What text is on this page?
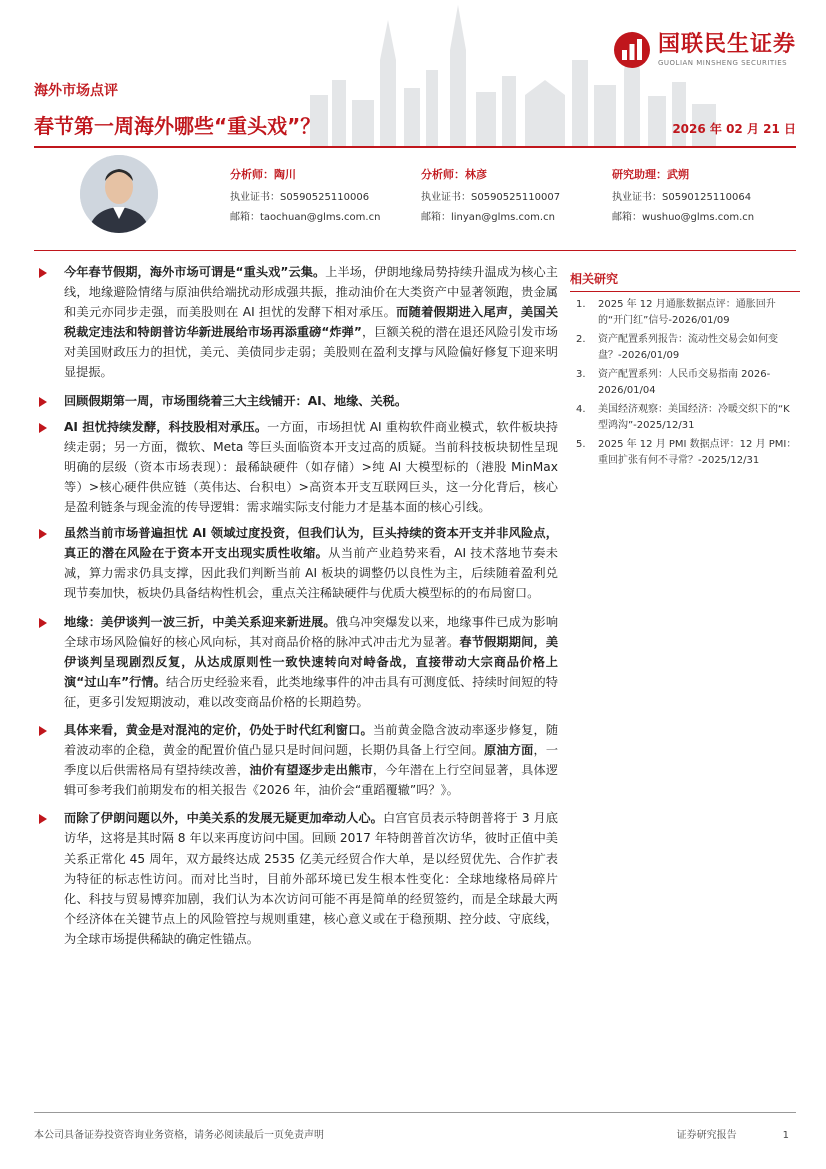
国联民生证券
GUOLIAN MINSHENG SECURITIES
海外市场点评
春节第一周海外哪些“重头戏”？	2026 年 02 月 21 日
分析师：陶川
执业证书：S0590525110006
邮箱：taochuan@glms.com.cn
分析师：林彦
执业证书：S0590525110007
邮箱：linyan@glms.com.cn
研究助理：武朔
执业证书：S0590125110064
邮箱：wushuo@glms.com.cn
今年春节假期，海外市场可谓是“重头戏”云集。上半场，伊朗地缘局势持续升温成为核心主线，地缘避险情绪与原油供给端扰动形成强共振，推动油价在大类资产中显著领跑，贵金属和美元亦同步走强，而美股则在 AI 担忧的发酵下相对承压。而随着假期进入尾声，美国关税裁定违法和特朗普访华新进展给市场再添重磅“炸弹”，巨额关税的潜在退还风险引发市场对美国财政压力的担忧，美元、美债同步走弱；美股则在盈利支撑与风险偏好修复下迎来明显提振。
回顾假期第一周，市场围绕着三大主线铺开：AI、地缘、关税。
AI 担忧持续发酵，科技股相对承压。一方面，市场担忧 AI 重构软件商业模式，软件板块持续走弱；另一方面，微软、Meta 等巨头面临资本开支过高的质疑。当前科技板块韧性呈现明确的层级（资本市场表现）：最稀缺硬件（如存储）>纯 AI 大模型标的（港股 MinMax 等）>核心硬件供应链（英伟达、台积电）>高资本开支互联网巨头，这一分化背后，核心是盈利链条与现金流的传导逻辑：需求端实际支付能力才是基本面的核心引线。
虽然当前市场普遍担忧 AI 领域过度投资，但我们认为，巨头持续的资本开支并非风险点，真正的潜在风险在于资本开支出现实质性收缩。从当前产业趋势来看，AI 技术落地节奏未减，算力需求仍具支撑，因此我们判断当前 AI 板块的调整仍以良性为主，后续随着盈利兑现节奏加快，板块仍具备结构性机会，重点关注稀缺硬件与优质大模型标的的布局窗口。
地缘：美伊谈判一波三折，中美关系迎来新进展。俄乌冲突爆发以来，地缘事件已成为影响全球市场风险偏好的核心风向标，其对商品价格的脉冲式冲击尤为显著。春节假期期间，美伊谈判呈现剧烈反复，从达成原则性一致快速转向对峙备战，直接带动大宗商品价格上演“过山车”行情。结合历史经验来看，此类地缘事件的冲击具有可测度低、持续时间短的特征，更多引发短期波动，难以改变商品价格的长期趋势。
具体来看，黄金是对混沌的定价，仍处于时代红利窗口。当前黄金隐含波动率逐步修复，随着波动率的企稳，黄金的配置价值凸显只是时间问题，长期仍具备上行空间。原油方面，一季度以后供需格局有望持续改善，油价有望逐步走出熊市，今年潜在上行空间显著，具体逻辑可参考我们前期发布的相关报告《2026 年，油价会“重蹈覆辙”吗？》。
而除了伊朗问题以外，中美关系的发展无疑更加牵动人心。白宫官员表示特朗普将于 3 月底访华，这将是其时隔 8 年以来再度访问中国。回顾 2017 年特朗普首次访华，彼时正值中美关系正常化 45 周年，双方最终达成 2535 亿美元经贸合作大单，是以经贸优先、合作扩表为特征的标志性访问。而对比当时，目前外部环境已发生根本性变化：全球地缘格局碎片化、科技与贸易博弈加剧，我们认为本次访问可能不再是简单的经贸签约，而是全球最大两个经济体在关键节点上的风险管控与规则重建，核心意义或在于稳预期、控分歧、守底线，为全球市场提供稀缺的确定性锚点。
相关研究
1.	2025 年 12 月通胀数据点评：通胀回升的“开门红”信号-2026/01/09
2.	资产配置系列报告：流动性交易会如何变盘？-2026/01/09
3.	资产配置系列：人民币交易指南 2026-2026/01/04
4.	美国经济观察：美国经济：冷暖交织下的“K 型鸿沟”-2025/12/31
5.	2025 年 12 月 PMI 数据点评：12 月 PMI：重回扩张有何不寻常？-2025/12/31
本公司具备证券投资咨询业务资格，请务必阅读最后一页免责声明	证券研究报告	1
